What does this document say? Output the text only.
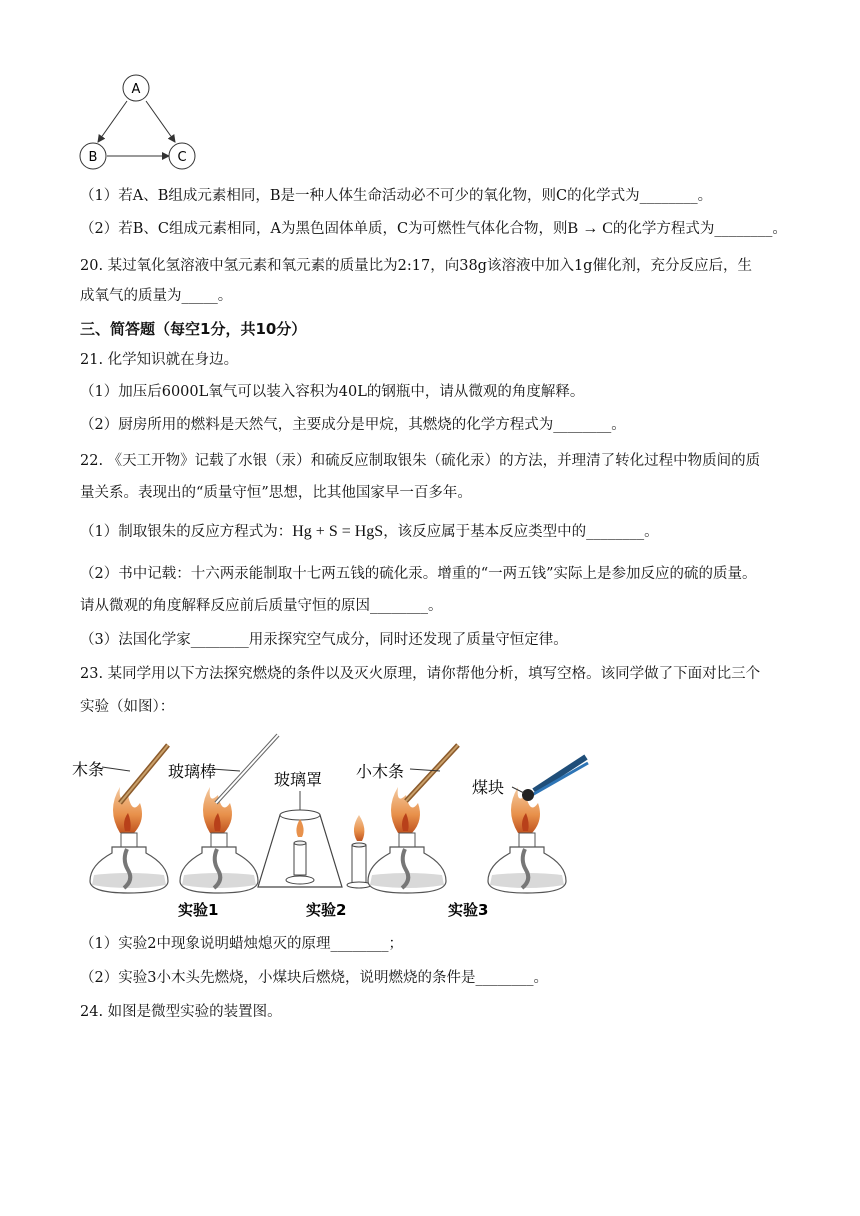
A
B	C
（1）若A、B组成元素相同，B是一种人体生命活动必不可少的氧化物，则C的化学式为________。
（2）若B、C组成元素相同，A为黑色固体单质，C为可燃性气体化合物，则B → C的化学方程式为________。
20. 某过氧化氢溶液中氢元素和氧元素的质量比为2:17，向38g该溶液中加入1g催化剂，充分反应后，生
成氧气的质量为_____。
三、简答题（每空1分，共10分）
21. 化学知识就在身边。
（1）加压后6000L氧气可以装入容积为40L的钢瓶中，请从微观的角度解释。
（2）厨房所用的燃料是天然气，主要成分是甲烷，其燃烧的化学方程式为________。
22. 《天工开物》记载了水银（汞）和硫反应制取银朱（硫化汞）的方法，并理清了转化过程中物质间的质
量关系。表现出的“质量守恒”思想，比其他国家早一百多年。
（1）制取银朱的反应方程式为：Hg + S = HgS，该反应属于基本反应类型中的________。
（2）书中记载：十六两汞能制取十七两五钱的硫化汞。增重的“一两五钱”实际上是参加反应的硫的质量。
请从微观的角度解释反应前后质量守恒的原因________。
（3）法国化学家________用汞探究空气成分，同时还发现了质量守恒定律。
23. 某同学用以下方法探究燃烧的条件以及灭火原理，请你帮他分析，填写空格。该同学做了下面对比三个
实验（如图）：
木条	玻璃棒	玻璃罩 小木条
煤块
实验1	实验2	实验3
（1）实验2中现象说明蜡烛熄灭的原理________；
（2）实验3小木头先燃烧，小煤块后燃烧，说明燃烧的条件是________。
24. 如图是微型实验的装置图。
